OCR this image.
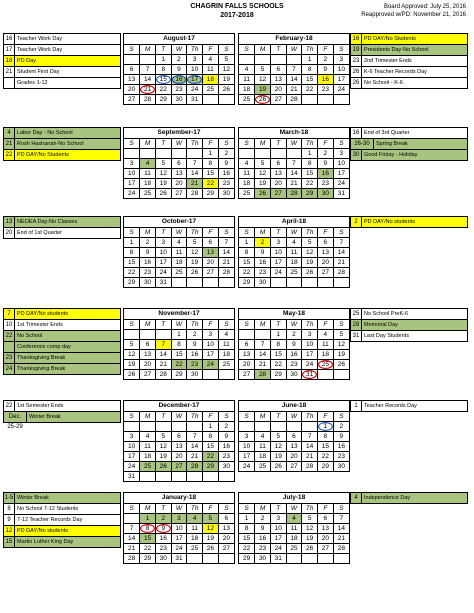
CHAGRIN FALLS SCHOOLS
2017-2018
Board Approved: July 25, 2016
Reapproved w/PD: November 21, 2016
August-17
S	M	T	W	Th	F	S
		1	2	3	4	5
6	7	8	9	10	11	12
13	14	15	16	17	18	19
20	21	22	23	24	25	26
27	28	29	30	31		
February-18
S	M	T	W	Th	F	S
				1	2	3
4	5	6	7	8	9	10
11	12	13	14	15	16	17
18	19	20	21	22	23	24
25	26	27	28			
September-17
S	M	T	W	Th	F	S
					1	2
3	4	5	6	7	8	9
10	11	12	13	14	15	16
17	18	19	20	21	22	23
24	25	26	27	28	29	30
March-18
S	M	T	W	Th	F	S
				1	2	3
4	5	6	7	8	9	10
11	12	13	14	15	16	17
18	19	20	21	22	23	24
25	26	27	28	29	30	31
October-17
S	M	T	W	Th	F	S
1	2	3	4	5	6	7
8	9	10	11	12	13	14
15	16	17	18	19	20	21
22	23	24	25	26	27	28
29	30	31				
April-18
S	M	T	W	Th	F	S
1	2	3	4	5	6	7
8	9	10	11	12	13	14
15	16	17	18	19	20	21
22	23	24	25	26	27	28
29	30					
November-17
S	M	T	W	Th	F	S
			1	2	3	4
5	6	7	8	9	10	11
12	13	14	15	16	17	18
19	20	21	22	23	24	25
26	27	28	29	30		
May-18
S	M	T	W	Th	F	S
		1	2	3	4	5
6	7	8	9	10	11	12
13	14	15	16	17	18	19
20	21	22	23	24	25	26
27	28	29	30	31		
December-17
S	M	T	W	Th	F	S
					1	2
3	4	5	6	7	8	9
10	11	12	13	14	15	16
17	18	19	20	21	22	23
24	25	26	27	28	29	30
31						
June-18
S	M	T	W	Th	F	S
					1	2
3	4	5	6	7	8	9
10	11	12	13	14	15	16
17	18	19	20	21	22	23
24	25	26	27	28	29	30
January-18
S	M	T	W	Th	F	S
	1	2	3	4	5	6
7	8	9	10	11	12	13
14	15	16	17	18	19	20
21	22	23	24	25	26	27
28	29	30	31			
July-18
S	M	T	W	Th	F	S
1	2	3	4	5	6	7
8	9	10	11	12	13	14
15	16	17	18	19	20	21
22	23	24	25	26	27	28
29	30	31				
16 Teacher Work Day
17 Teacher Work Day
18 PD Day
21 Student First Day
Grades 1-12
4	Labor Day - No School
21 Rosh Hashanah-No School
22 PD DAY/No Students
13 NEOEA Day-No Classes
20 End of 1st Quarter
7	PD DAY/No students
10 1st Trimester Ends
22 No School
Conference comp day
23 Thanksgiving Break
24 Thanksgiving Break
22 1st Semester Ends
Dec. 25-29
Winter Break
1-5 Winter Break
8	No School 7-12 Students
9	7-12 Teacher Records Day
12 PD DAY/No students
15 Martin Luther King Day
16 PD DAY/No Students
19 Presidents Day-No School
23 2nd Trimester Ends
26 K-6 Teacher Records Day
26 No School - K-6
16 End of 3rd Quarter
26-30	Spring Break
30 Good Friday - Holiday
2	PD DAY/No students
25 No School PreK-6
28 Memorial Day
31 Last Day Students
1	Teacher Records Day
4	Independence Day
